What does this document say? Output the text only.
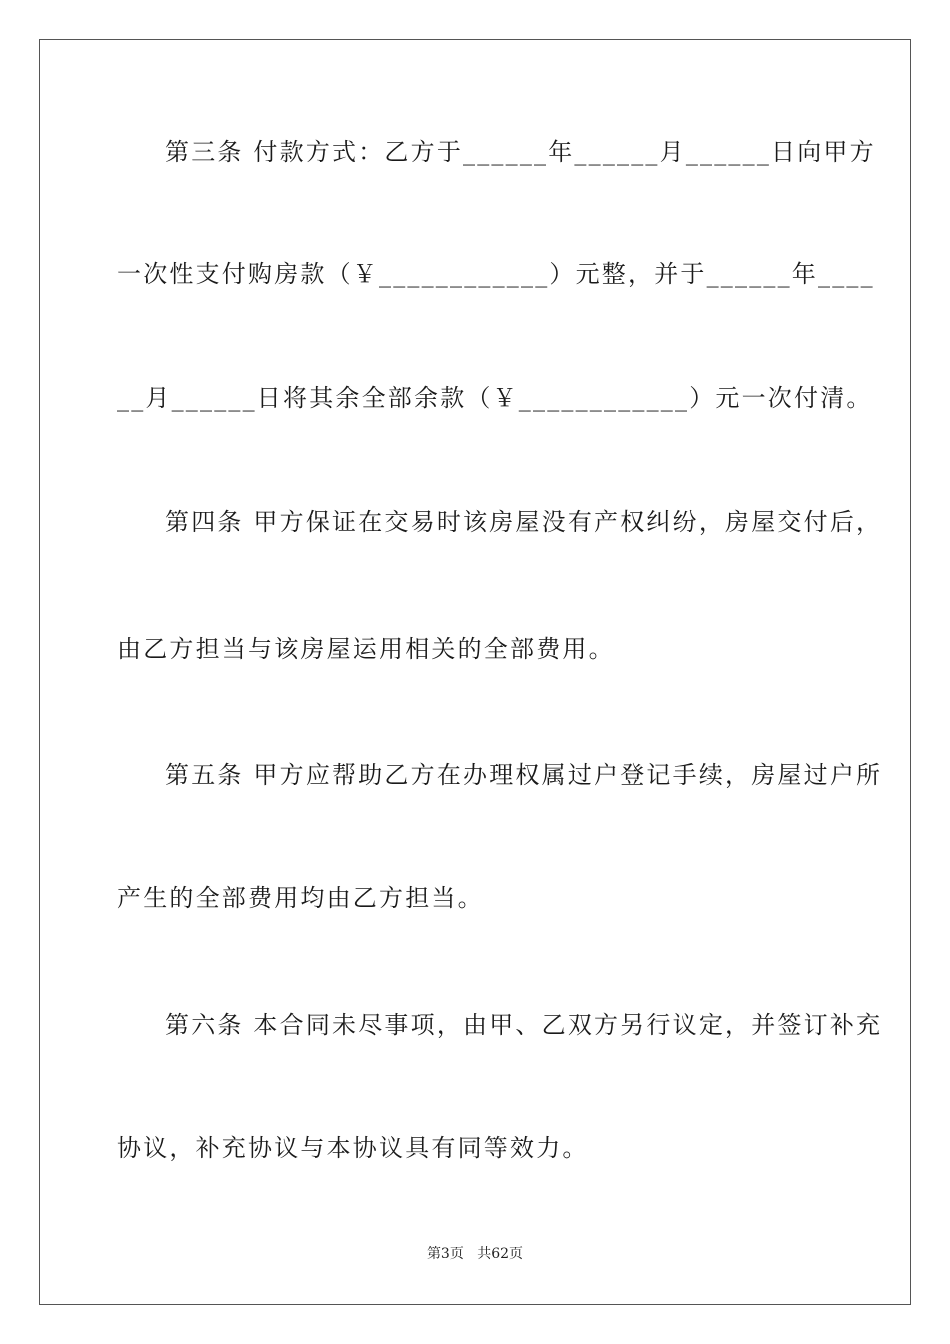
第三条 付款方式：乙方于______年______月______日向甲方
一次性支付购房款（￥____________）元整，并于______年____
__月______日将其余全部余款（￥____________）元一次付清。
第四条 甲方保证在交易时该房屋没有产权纠纷，房屋交付后，
由乙方担当与该房屋运用相关的全部费用。
第五条 甲方应帮助乙方在办理权属过户登记手续，房屋过户所
产生的全部费用均由乙方担当。
第六条 本合同未尽事项，由甲、乙双方另行议定，并签订补充
协议，补充协议与本协议具有同等效力。
第3页 共62页
